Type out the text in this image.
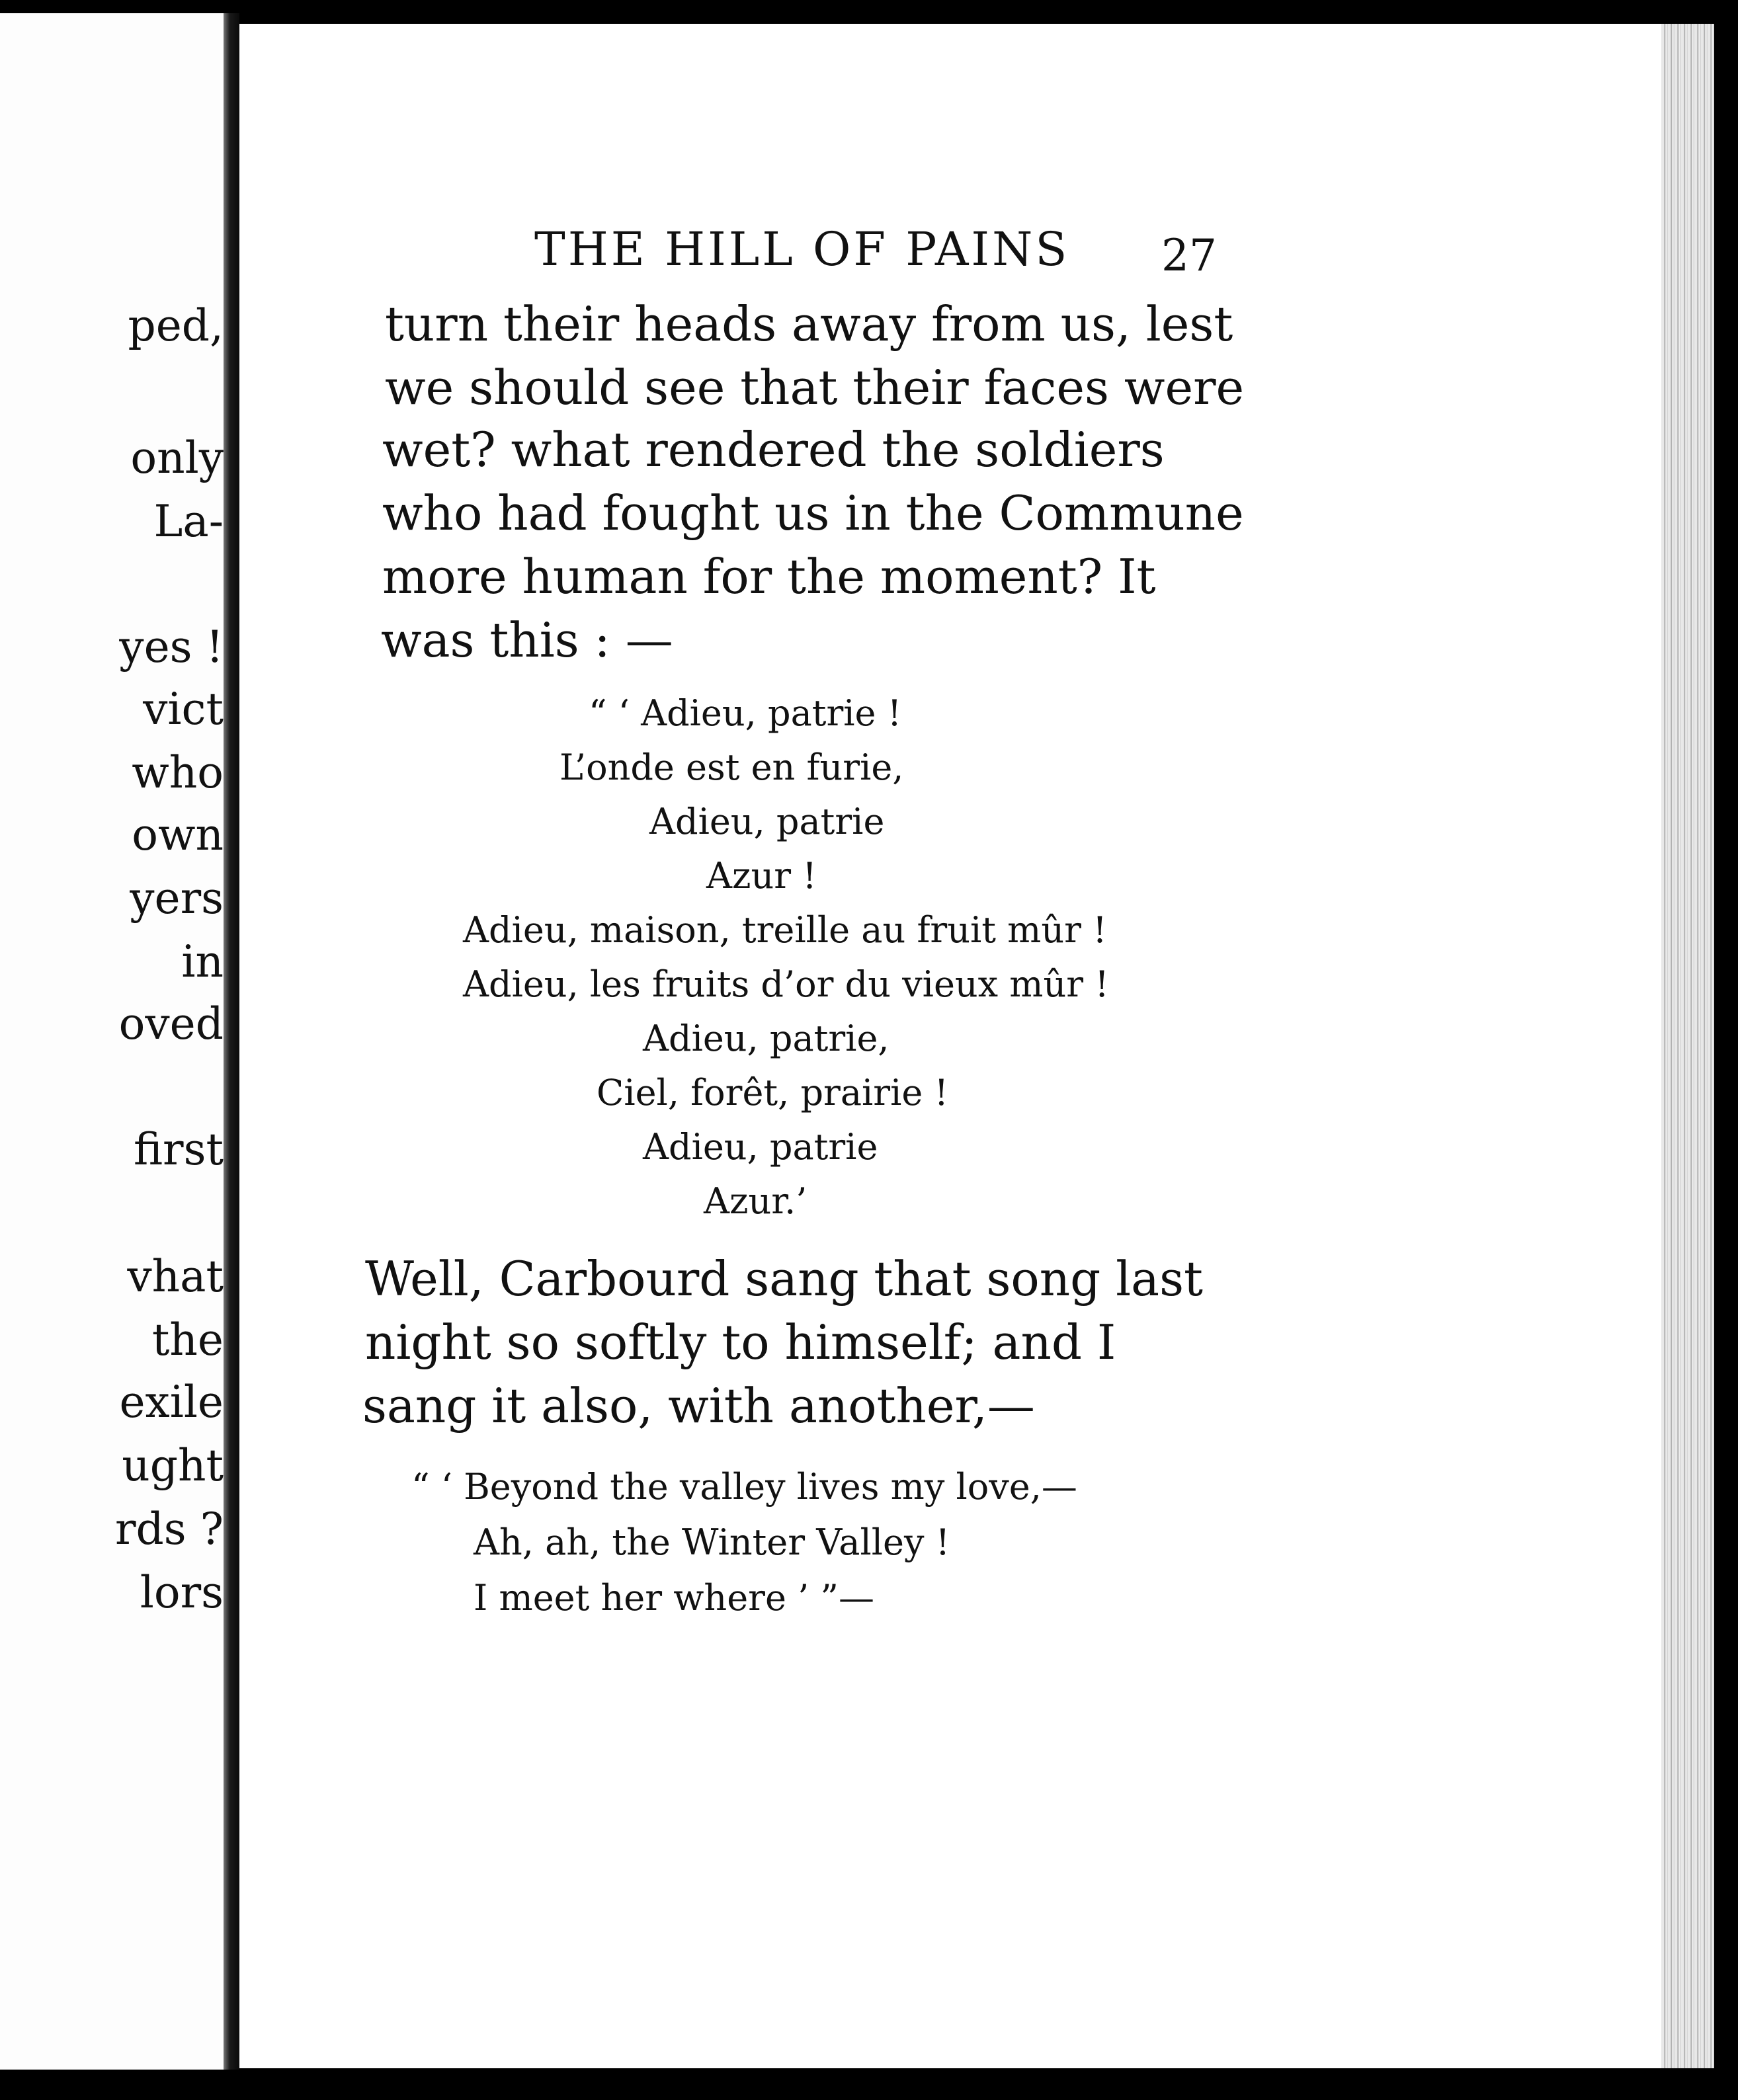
ped,
only
La-
yes !
vict
who
own
yers
in
oved
first
vhat
the
exile
ught
rds ?
lors
THE HILL OF PAINS 27
turn their heads away from us, lest
we should see that their faces were
wet? what rendered the soldiers
who had fought us in the Commune
more human for the moment? It
was this : —
“ ‘ Adieu, patrie !
L’onde est en furie,
Adieu, patrie
Azur !
Adieu, maison, treille au fruit mûr !
Adieu, les fruits d’or du vieux mûr !
Adieu, patrie,
Ciel, forêt, prairie !
Adieu, patrie
Azur.’
Well, Carbourd sang that song last
night so softly to himself; and I
sang it also, with another,—
“ ‘ Beyond the valley lives my love,—
Ah, ah, the Winter Valley !
I meet her where ’ ”—
